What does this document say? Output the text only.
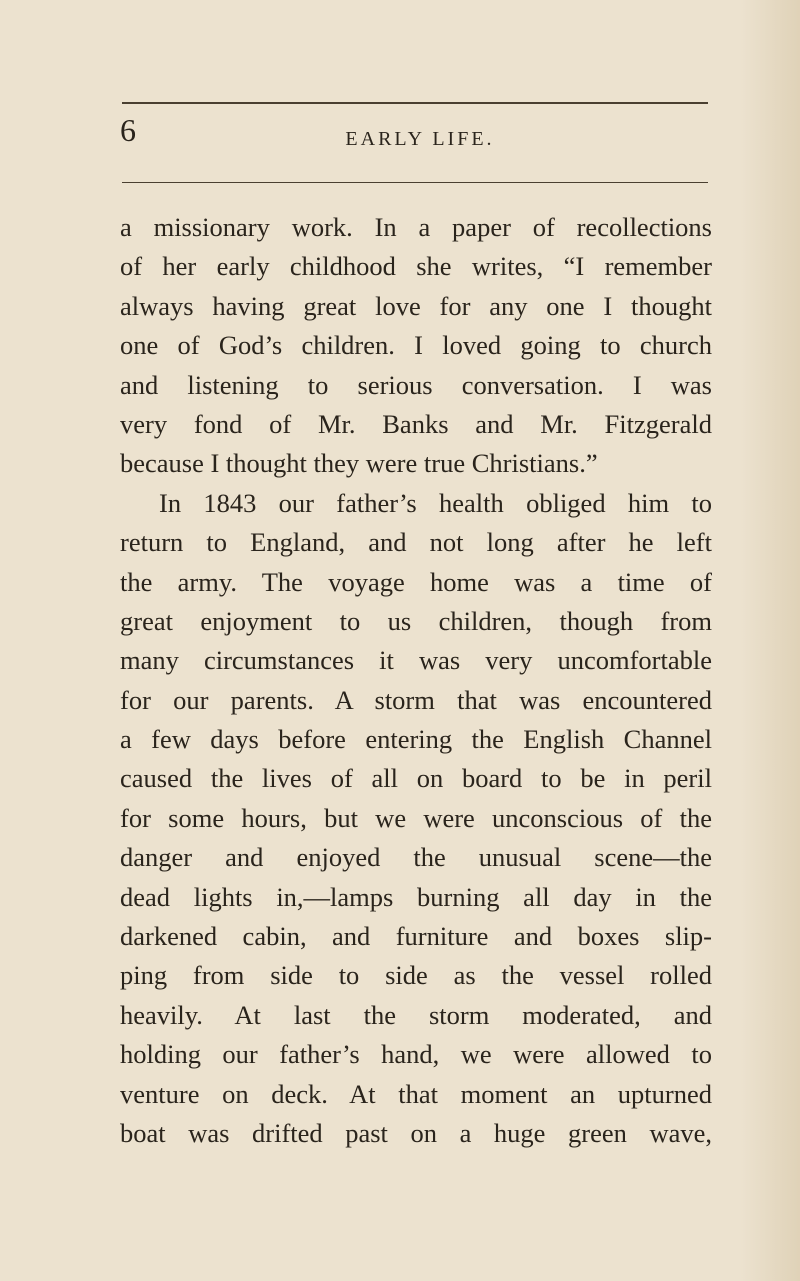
6	EARLY LIFE.

a missionary work. In a paper of recollections
of her early childhood she writes, “I remember
always having great love for any one I thought
one of God’s children. I loved going to church
and listening to serious conversation. I was
very fond of Mr. Banks and Mr. Fitzgerald
because I thought they were true Christians.”
In 1843 our father’s health obliged him to
return to England, and not long after he left
the army. The voyage home was a time of
great enjoyment to us children, though from
many circumstances it was very uncomfortable
for our parents. A storm that was encountered
a few days before entering the English Channel
caused the lives of all on board to be in peril
for some hours, but we were unconscious of the
danger and enjoyed the unusual scene—the
dead lights in,—lamps burning all day in the
darkened cabin, and furniture and boxes slip-
ping from side to side as the vessel rolled
heavily. At last the storm moderated, and
holding our father’s hand, we were allowed to
venture on deck. At that moment an upturned
boat was drifted past on a huge green wave,
